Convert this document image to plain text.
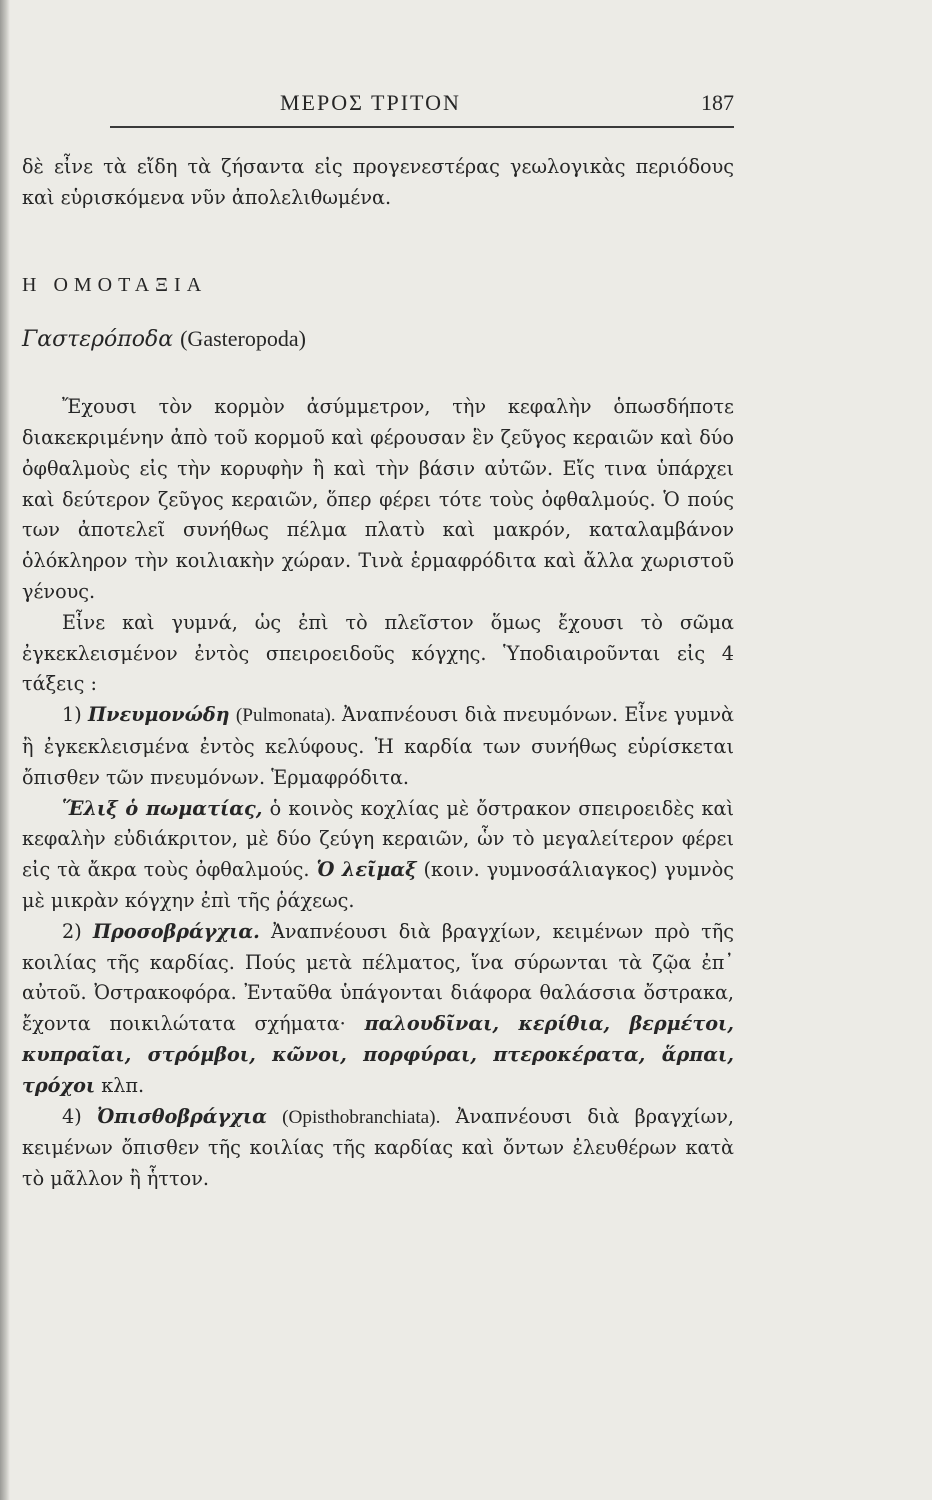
ΜΕΡΟΣ ΤΡΙΤΟΝ	187

δὲ εἶνε τὰ εἴδη τὰ ζήσαντα εἰς προγενεστέρας γεωλογικὰς περιόδους καὶ εὑρισκόμενα νῦν ἀπολελιθωμένα.

Η ΟΜΟΤΑΞΙΑ

Γαστερόποδα (Gasteropoda)

Ἔχουσι τὸν κορμὸν ἀσύμμετρον, τὴν κεφαλὴν ὁπωσδήποτε διακεκριμένην ἀπὸ τοῦ κορμοῦ καὶ φέρουσαν ἓν ζεῦγος κεραιῶν καὶ δύο ὀφθαλμοὺς εἰς τὴν κορυφὴν ἢ καὶ τὴν βάσιν αὐτῶν. Εἴς τινα ὑπάρχει καὶ δεύτερον ζεῦγος κεραιῶν, ὅπερ φέρει τότε τοὺς ὀφθαλμούς. Ὁ πούς των ἀποτελεῖ συνήθως πέλμα πλατὺ καὶ μακρόν, καταλαμβάνον ὁλόκληρον τὴν κοιλιακὴν χώραν. Τινὰ ἑρμαφρόδιτα καὶ ἄλλα χωριστοῦ γένους.

Εἶνε καὶ γυμνά, ὡς ἐπὶ τὸ πλεῖστον ὅμως ἔχουσι τὸ σῶμα ἐγκεκλεισμένον ἐντὸς σπειροειδοῦς κόγχης. Ὑποδιαιροῦνται εἰς 4 τάξεις :

1) Πνευμονώδη (Pulmonata). Ἀναπνέουσι διὰ πνευμόνων. Εἶνε γυμνὰ ἢ ἐγκεκλεισμένα ἐντὸς κελύφους. Ἡ καρδία των συνήθως εὑρίσκεται ὄπισθεν τῶν πνευμόνων. Ἑρμαφρόδιτα.

Ἕλιξ ὁ πωματίας, ὁ κοινὸς κοχλίας μὲ ὄστρακον σπειροειδὲς καὶ κεφαλὴν εὐδιάκριτον, μὲ δύο ζεύγη κεραιῶν, ὧν τὸ μεγαλείτερον φέρει εἰς τὰ ἄκρα τοὺς ὀφθαλμούς. Ὁ λεῖμαξ (κοιν. γυμνοσάλιαγκος) γυμνὸς μὲ μικρὰν κόγχην ἐπὶ τῆς ῥάχεως.

2) Προσοβράγχια. Ἀναπνέουσι διὰ βραγχίων, κειμένων πρὸ τῆς κοιλίας τῆς καρδίας. Πούς μετὰ πέλματος, ἵνα σύρωνται τὰ ζῷα ἐπ᾽ αὐτοῦ. Ὀστρακοφόρα. Ἐνταῦθα ὑπάγονται διάφορα θαλάσσια ὄστρακα, ἔχοντα ποικιλώτατα σχήματα· παλουδῖναι, κερίθια, βερμέτοι, κυπραῖαι, στρόμβοι, κῶνοι, πορφύραι, πτεροκέρατα, ἅρπαι, τρόχοι κλπ.

4) Ὀπισθοβράγχια (Opisthobranchiata). Ἀναπνέουσι διὰ βραγχίων, κειμένων ὄπισθεν τῆς κοιλίας τῆς καρδίας καὶ ὄντων ἐλευθέρων κατὰ τὸ μᾶλλον ἢ ἧττον.
